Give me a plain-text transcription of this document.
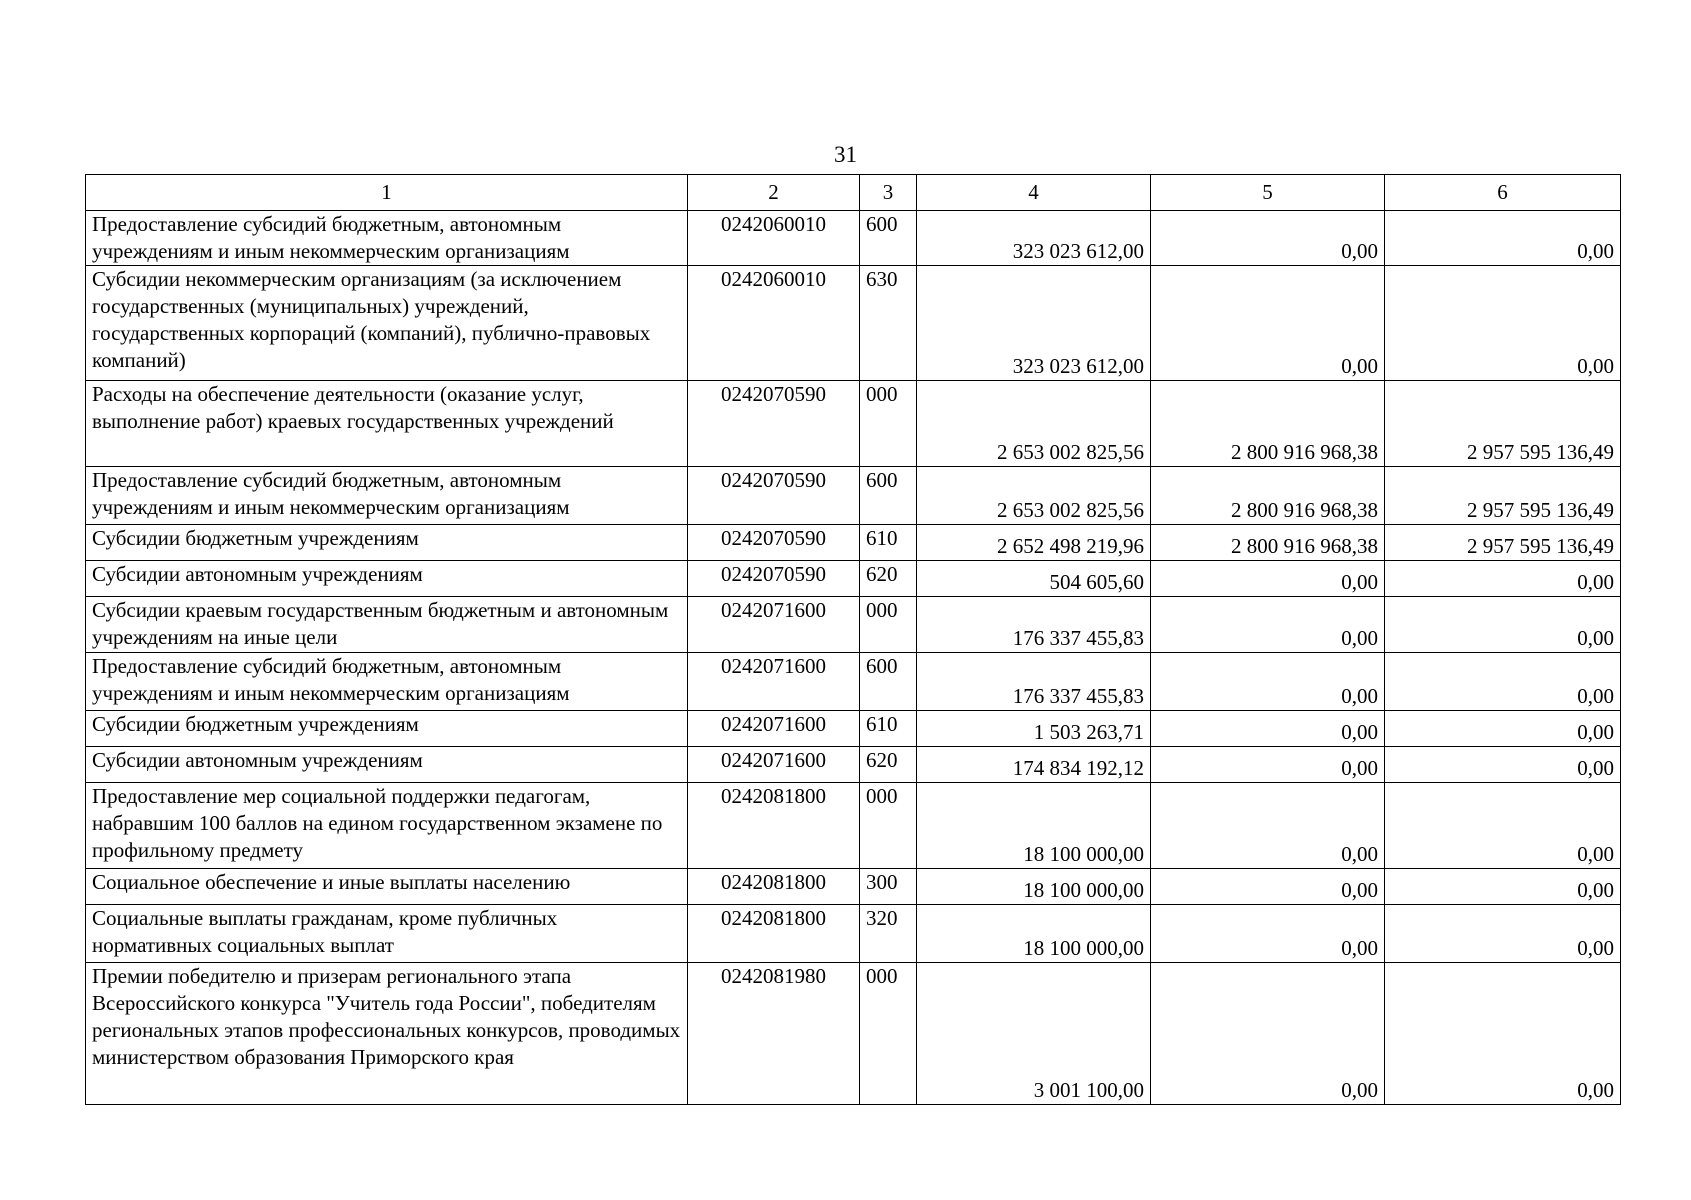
31
1	2	3	4	5	6
Предоставление субсидий бюджетным, автономным учреждениям и иным некоммерческим организациям	0242060010	600	323 023 612,00	0,00	0,00
Субсидии некоммерческим организациям (за исключением государственных (муниципальных) учреждений, государственных корпораций (компаний), публично-правовых компаний)	0242060010	630	323 023 612,00	0,00	0,00
Расходы на обеспечение деятельности (оказание услуг, выполнение работ) краевых государственных учреждений	0242070590	000	2 653 002 825,56	2 800 916 968,38	2 957 595 136,49
Предоставление субсидий бюджетным, автономным учреждениям и иным некоммерческим организациям	0242070590	600	2 653 002 825,56	2 800 916 968,38	2 957 595 136,49
Субсидии бюджетным учреждениям	0242070590	610	2 652 498 219,96	2 800 916 968,38	2 957 595 136,49
Субсидии автономным учреждениям	0242070590	620	504 605,60	0,00	0,00
Субсидии краевым государственным бюджетным и автономным учреждениям на иные цели	0242071600	000	176 337 455,83	0,00	0,00
Предоставление субсидий бюджетным, автономным учреждениям и иным некоммерческим организациям	0242071600	600	176 337 455,83	0,00	0,00
Субсидии бюджетным учреждениям	0242071600	610	1 503 263,71	0,00	0,00
Субсидии автономным учреждениям	0242071600	620	174 834 192,12	0,00	0,00
Предоставление мер социальной поддержки педагогам, набравшим 100 баллов на едином государственном экзамене по профильному предмету	0242081800	000	18 100 000,00	0,00	0,00
Социальное обеспечение и иные выплаты населению	0242081800	300	18 100 000,00	0,00	0,00
Социальные выплаты гражданам, кроме публичных нормативных социальных выплат	0242081800	320	18 100 000,00	0,00	0,00
Премии победителю и призерам регионального этапа Всероссийского конкурса "Учитель года России", победителям региональных этапов профессиональных конкурсов, проводимых министерством образования Приморского края	0242081980	000	3 001 100,00	0,00	0,00
